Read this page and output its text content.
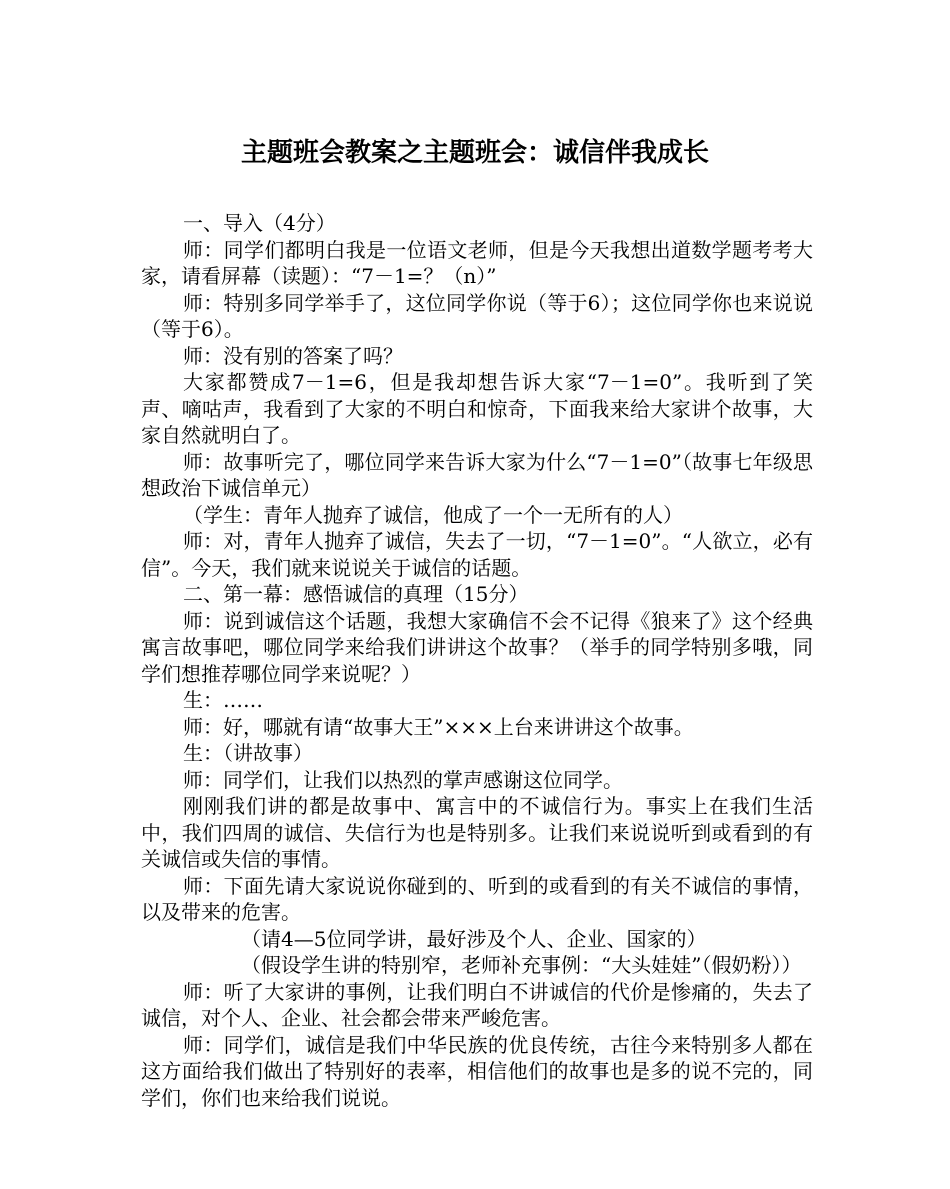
主题班会教案之主题班会：诚信伴我成长

一、导入（4分）

师：同学们都明白我是一位语文老师，但是今天我想出道数学题考考大家，请看屏幕（读题）：“7－1=？（n）”

师：特别多同学举手了，这位同学你说（等于6）；这位同学你也来说说（等于6）。

师：没有别的答案了吗？

大家都赞成7－1=6，但是我却想告诉大家“7－1=0”。我听到了笑声、嘀咕声，我看到了大家的不明白和惊奇，下面我来给大家讲个故事，大家自然就明白了。

师：故事听完了，哪位同学来告诉大家为什么“7－1=0”（故事七年级思想政治下诚信单元）

（学生：青年人抛弃了诚信，他成了一个一无所有的人）

师：对，青年人抛弃了诚信，失去了一切，“7－1=0”。“人欲立，必有信”。今天，我们就来说说关于诚信的话题。

二、第一幕：感悟诚信的真理（15分）

师：说到诚信这个话题，我想大家确信不会不记得《狼来了》这个经典寓言故事吧，哪位同学来给我们讲讲这个故事？（举手的同学特别多哦，同学们想推荐哪位同学来说呢？）

生：……

师：好，哪就有请“故事大王”×××上台来讲讲这个故事。

生：（讲故事）

师：同学们，让我们以热烈的掌声感谢这位同学。

刚刚我们讲的都是故事中、寓言中的不诚信行为。事实上在我们生活中，我们四周的诚信、失信行为也是特别多。让我们来说说听到或看到的有关诚信或失信的事情。

师：下面先请大家说说你碰到的、听到的或看到的有关不诚信的事情，以及带来的危害。

（请4—5位同学讲，最好涉及个人、企业、国家的）

（假设学生讲的特别窄，老师补充事例：“大头娃娃”（假奶粉））

师：听了大家讲的事例，让我们明白不讲诚信的代价是惨痛的，失去了诚信，对个人、企业、社会都会带来严峻危害。

师：同学们，诚信是我们中华民族的优良传统，古往今来特别多人都在这方面给我们做出了特别好的表率，相信他们的故事也是多的说不完的，同学们，你们也来给我们说说。
